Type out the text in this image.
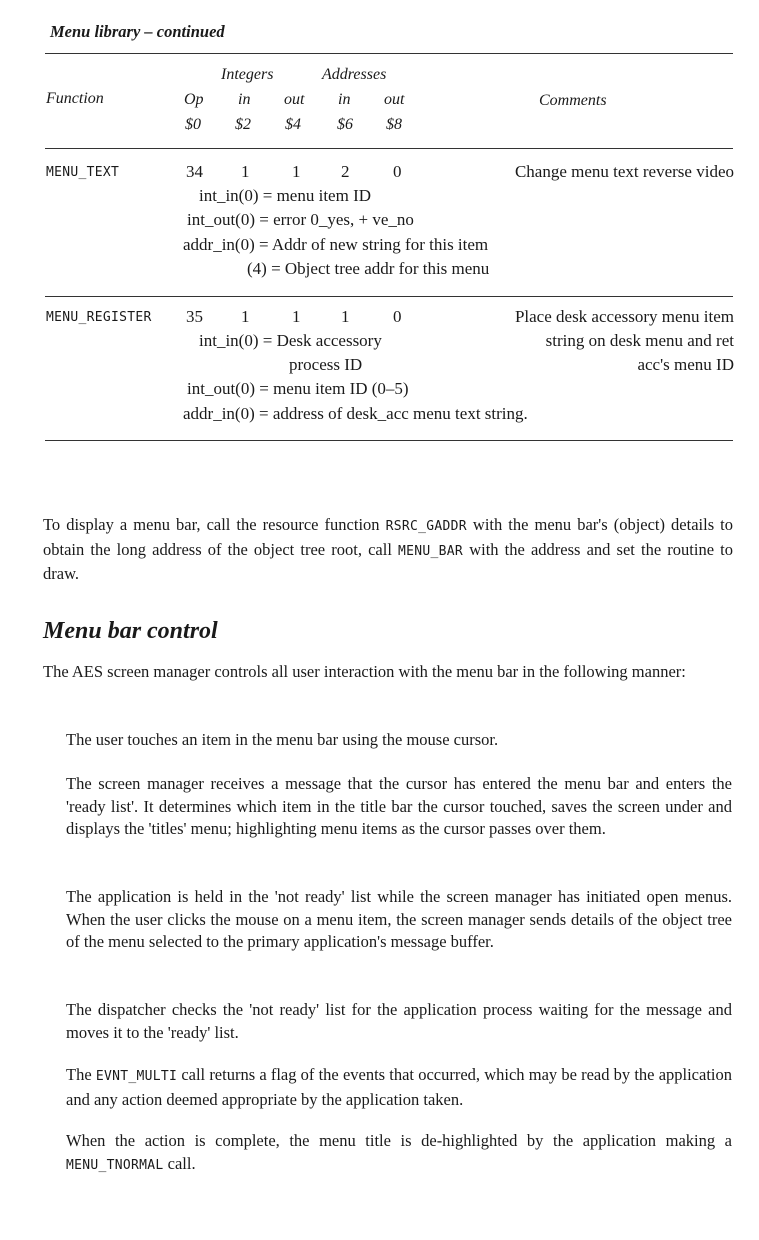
Menu library – continued
Integers	Addresses
Function	Op in out in out	Comments
$0 $2 $4 $6 $8
MENU_TEXT	34 1	1 2	0	Change menu text reverse video
int_in(0) = menu item ID
int_out(0) = error 0_yes, + ve_no
addr_in(0) = Addr of new string for this item
(4) = Object tree addr for this menu
MENU_REGISTER 35 1	1 1	0	Place desk accessory menu item
string on desk menu and ret
acc's menu ID
int_in(0) = Desk accessory
process ID
int_out(0) = menu item ID (0–5)
addr_in(0) = address of desk_acc menu text string.
To display a menu bar, call the resource function RSRC_GADDR with the menu bar's (object) details to obtain the long address of the object tree root, call MENU_BAR with the address and set the routine to draw.
Menu bar control
The AES screen manager controls all user interaction with the menu bar in the following manner:
The user touches an item in the menu bar using the mouse cursor.
The screen manager receives a message that the cursor has entered the menu bar and enters the 'ready list'. It determines which item in the title bar the cursor touched, saves the screen under and displays the 'titles' menu; highlighting menu items as the cursor passes over them.
The application is held in the 'not ready' list while the screen manager has initiated open menus. When the user clicks the mouse on a menu item, the screen manager sends details of the object tree of the menu selected to the primary application's message buffer.
The dispatcher checks the 'not ready' list for the application process waiting for the message and moves it to the 'ready' list.
The EVNT_MULTI call returns a flag of the events that occurred, which may be read by the application and any action deemed appropriate by the application taken.
When the action is complete, the menu title is de-highlighted by the application making a MENU_TNORMAL call.
